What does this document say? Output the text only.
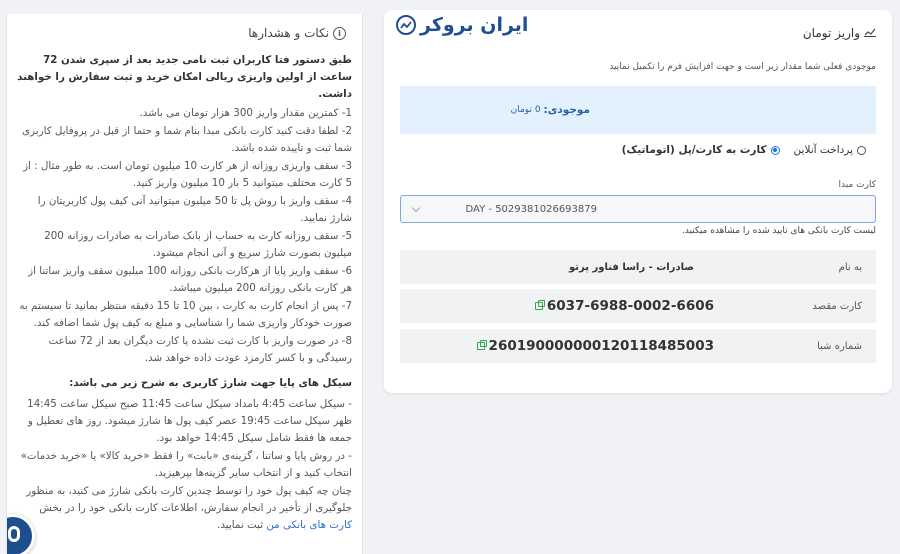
i
نکات و هشدارها

طبق دستور فتا کاربران ثبت نامی جدید بعد از سپری شدن 72 ساعت از اولین واریزی ریالی امکان خرید و ثبت سفارش را خواهند داشت.

1- کمترین مقدار واریز 300 هزار تومان می باشد.

2- لطفا دقت کنید کارت بانکی مبدا بنام شما و حتما از قبل در پروفایل کاربری شما ثبت و تاییده شده باشد.

3- سقف واریزی روزانه از هر کارت 10 میلیون تومان است. به طور مثال : از 5 کارت مختلف میتوانید 5 بار 10 میلیون واریز کنید.

4- سقف واریز با روش پل تا 50 میلیون میتوانید آنی کیف پول کاربریتان را شارژ نمایید.

5- سقف روزانه کارت به حساب از بانک صادرات به صادرات روزانه 200 میلیون بصورت شارژ سریع و آنی انجام میشود.

6- سقف واریز پایا از هرکارت بانکی روزانه 100 میلیون سقف واریز ساتنا از هر کارت بانکی روزانه 200 میلیون میباشد.

7- پس از انجام کارت به کارت ، بین 10 تا 15 دقیقه منتظر بمانید تا سیستم به صورت خودکار واریزی شما را شناسایی و مبلغ به کیف پول شما اضافه کند.

8- در صورت واریز با کارت ثبت نشده یا کارت دیگران بعد از 72 ساعت رسیدگی و با کسر کارمزد عودت داده خواهد شد.

سیکل های پایا جهت شارژ کاربری به شرح زیر می باشد:

- سیکل ساعت 4:45 بامداد سیکل ساعت 11:45 صبح سیکل ساعت 14:45 ظهر سیکل ساعت 19:45 عصر کیف پول ها شارژ میشود. روز های تعطیل و جمعه ها فقط شامل سیکل 14:45 خواهد بود.

- در روش پایا و ساتنا ، گزینه‌ی «بابت» را فقط «خرید کالا» یا «خرید خدمات» انتخاب کنید و از انتخاب سایر گزینه‌ها بپرهیزید.

چنان چه کیف پول خود را توسط چندین کارت بانکی شارژ می کنید، به منظور جلوگیری از تأخیر در انجام سفارش، اطلاعات کارت بانکی خود را در بخش کارت های بانکی من ثبت نمایید.

ایران بروکر	واریز تومان
موجودی فعلی شما مقدار زیر است و جهت افزایش فرم را تکمیل نمایید
موجودی:
0 تومان
پرداخت آنلاین
کارت به کارت/پل (اتوماتیک)
کارت مبدا
DAY - 5029381026693879
لیست کارت بانکی های تایید شده را مشاهده میکنید.
به نام
صادرات - راسا فناور پرتو
کارت مقصد
6037-6988-0002-6606
شماره شبا
260190000000120118485003
